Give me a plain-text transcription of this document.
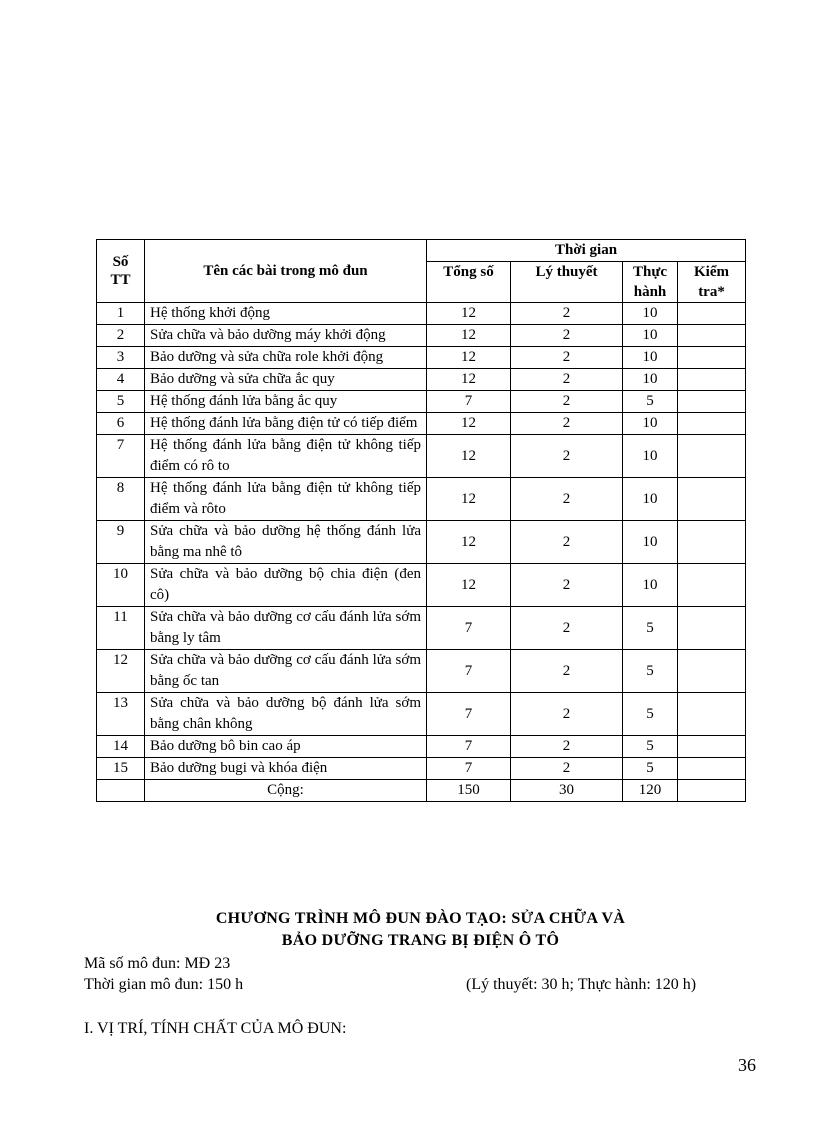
Số TT	Tên các bài trong mô đun	Thời gian			
		Tổng số	Lý thuyết	Thực hành	Kiểm tra*
1	Hệ thống khởi động	12	2	10	
2	Sửa chữa và bảo dưỡng máy khởi động	12	2	10	
3	Bảo dưỡng và sửa chữa role khởi động	12	2	10	
4	Bảo dưỡng và sửa chữa ắc quy	12	2	10	
5	Hệ thống đánh lửa bằng ắc quy	7	2	5	
6	Hệ thống đánh lửa bằng điện tử có tiếp điểm	12	2	10	
7	Hệ thống đánh lửa bằng điện tử không tiếp điểm có rô to	12	2	10	
8	Hệ thống đánh lửa bằng điện tử không tiếp điểm và rôto	12	2	10	
9	Sửa chữa và bảo dưỡng hệ thống đánh lửa bằng ma nhê tô	12	2	10	
10	Sửa chữa và bảo dưỡng bộ chia điện (đen cô)	12	2	10	
11	Sửa chữa và bảo dưỡng cơ cấu đánh lửa sớm bằng ly tâm	7	2	5	
12	Sửa chữa và bảo dưỡng cơ cấu đánh lửa sớm bằng ốc tan	7	2	5	
13	Sửa chữa và bảo dưỡng bộ đánh lửa sớm bằng chân không	7	2	5	
14	Bảo dưỡng bô bin cao áp	7	2	5	
15	Bảo dưỡng bugi và khóa điện	7	2	5	
	Cộng:	150	30	120	
CHƯƠNG TRÌNH MÔ ĐUN ĐÀO TẠO: SỬA CHỮA VÀ
BẢO DƯỠNG TRANG BỊ ĐIỆN Ô TÔ
Mã số mô đun: MĐ 23
Thời gian mô đun: 150 h	(Lý thuyết: 30 h; Thực hành: 120 h)
I. VỊ TRÍ, TÍNH CHẤT CỦA MÔ ĐUN:
36
